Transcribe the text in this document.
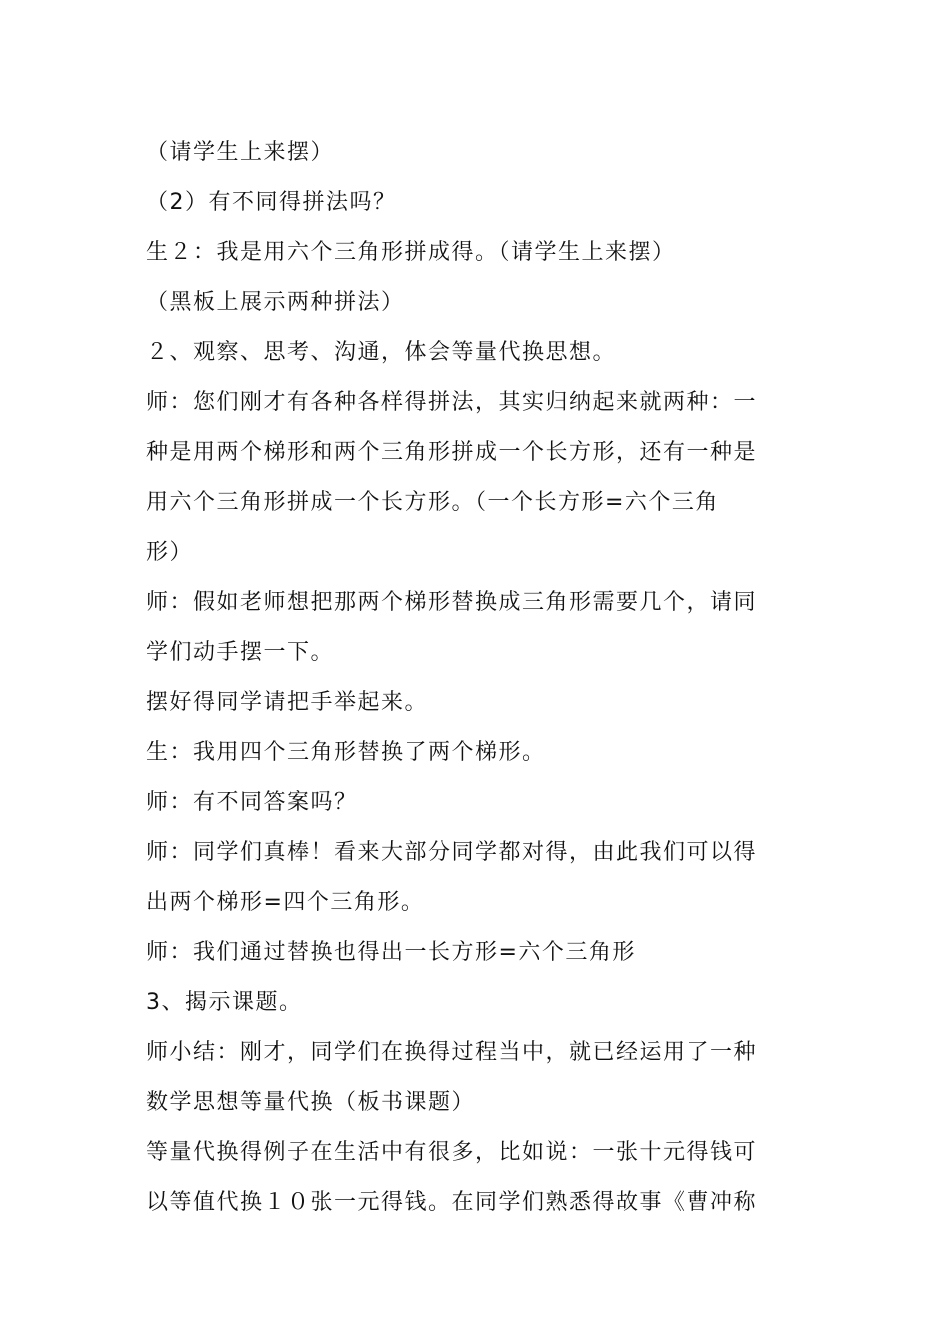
（请学生上来摆）
（2）有不同得拼法吗？
生２：我是用六个三角形拼成得。（请学生上来摆）
（黑板上展示两种拼法）
２、观察、思考、沟通，体会等量代换思想。
师：您们刚才有各种各样得拼法，其实归纳起来就两种：一
种是用两个梯形和两个三角形拼成一个长方形，还有一种是
用六个三角形拼成一个长方形。（一个长方形=六个三角
形）
师：假如老师想把那两个梯形替换成三角形需要几个，请同
学们动手摆一下。
摆好得同学请把手举起来。
生：我用四个三角形替换了两个梯形。
师：有不同答案吗？
师：同学们真棒！看来大部分同学都对得，由此我们可以得
出两个梯形=四个三角形。
师：我们通过替换也得出一长方形=六个三角形
3、揭示课题。
师小结：刚才，同学们在换得过程当中，就已经运用了一种
数学思想等量代换（板书课题）
等量代换得例子在生活中有很多，比如说：一张十元得钱可
以等值代换１０张一元得钱。在同学们熟悉得故事《曹冲称
